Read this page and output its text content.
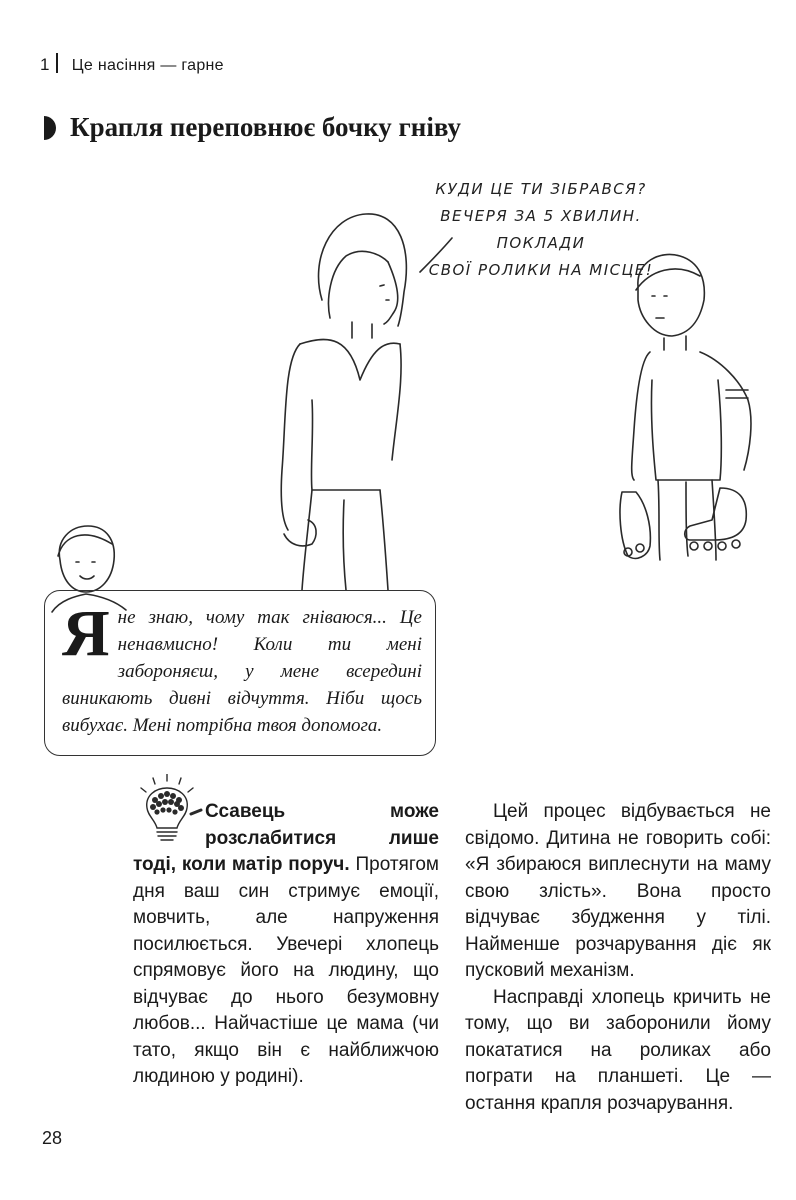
1 Це насіння — гарне
Крапля переповнює бочку гніву
КУДИ ЦЕ ТИ ЗІБРАВСЯ?
ВЕЧЕРЯ ЗА 5 ХВИЛИН. ПОКЛАДИ
СВОЇ РОЛИКИ НА МІСЦЕ!
Яне знаю, чому так гніваюся... Це ненавмисно! Коли ти мені забороняєш, у мене всередині виникають дивні відчуття. Ніби щось вибухає. Мені потрібна твоя допомога.

Ссавець може розслабитися лише тоді, коли матір поруч. Протягом дня ваш син стримує емоції, мовчить, але напруження посилюється. Увечері хлопець спрямовує його на людину, що відчуває до нього безумовну любов... Найчастіше це мама (чи тато, якщо він є найближчою людиною у родині).

Цей процес відбувається не свідомо. Дитина не говорить собі: «Я збираюся виплеснути на маму свою злість». Вона просто відчуває збудження у тілі. Найменше розчарування діє як пусковий механізм.

Насправді хлопець кричить не тому, що ви заборонили йому покататися на роликах або пограти на планшеті. Це — остання крапля розчарування.

28
